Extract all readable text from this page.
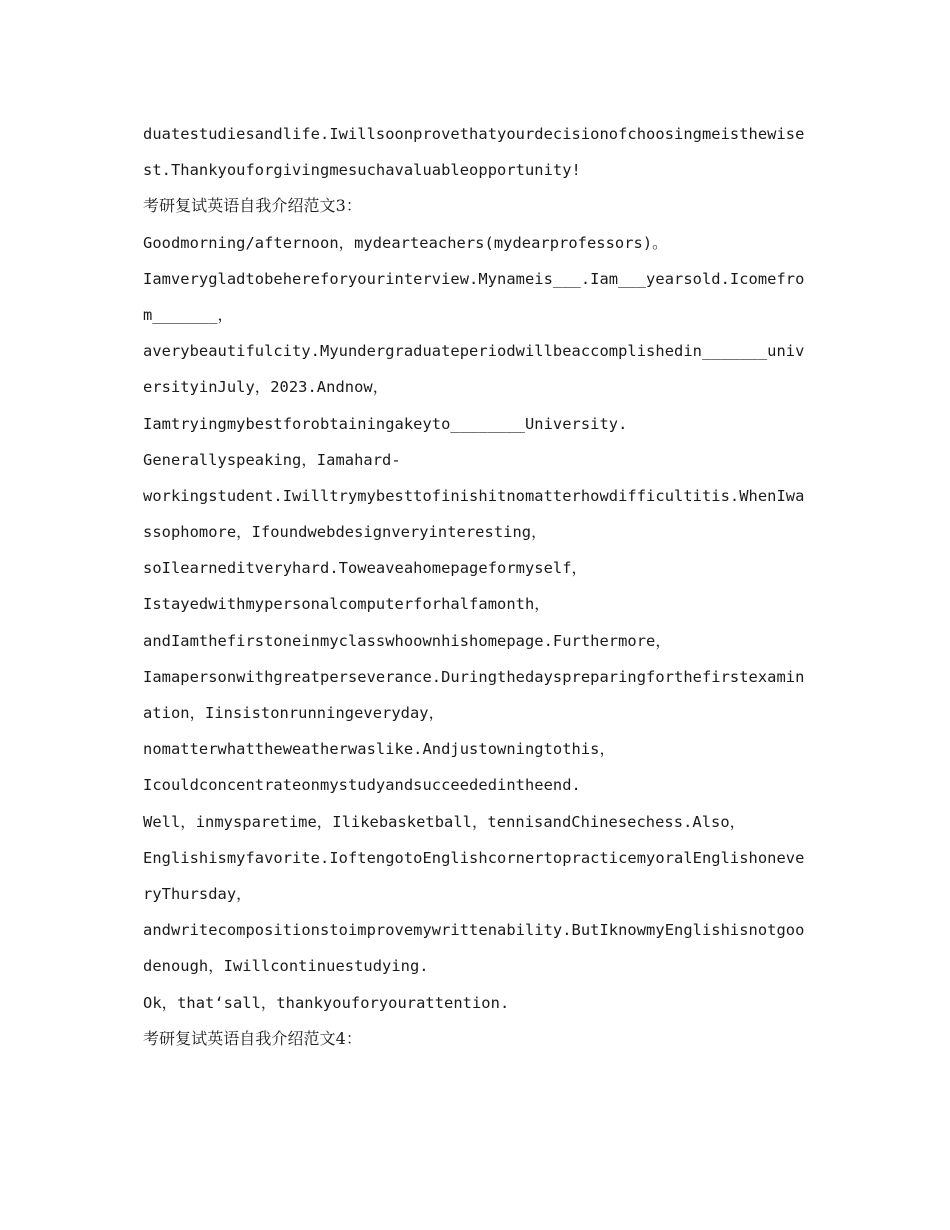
duatestudiesandlife.Iwillsoonprovethatyourdecisionofchoosingmeisthewise
st.Thankyouforgivingmesuchavaluableopportunity!
考研复试英语自我介绍范文3：
Goodmorning/afternoon，mydearteachers(mydearprofessors)。
Iamverygladtobehereforyourinterview.Mynameis___.Iam___yearsold.Icomefro
m_______，
averybeautifulcity.Myundergraduateperiodwillbeaccomplishedin_______univ
ersityinJuly，2023.Andnow，
Iamtryingmybestforobtainingakeyto________University.
Generallyspeaking，Iamahard-
workingstudent.Iwilltrymybesttofinishitnomatterhowdifficultitis.WhenIwa
ssophomore，Ifoundwebdesignveryinteresting，
soIlearneditveryhard.Toweaveahomepageformyself，
Istayedwithmypersonalcomputerforhalfamonth，
andIamthefirstoneinmyclasswhoownhishomepage.Furthermore，
Iamapersonwithgreatperseverance.Duringthedayspreparingforthefirstexamin
ation，Iinsistonrunningeveryday，
nomatterwhattheweatherwaslike.Andjustowningtothis，
Icouldconcentrateonmystudyandsucceededintheend.
Well，inmysparetime，Ilikebasketball，tennisandChinesechess.Also，
Englishismyfavorite.IoftengotoEnglishcornertopracticemyoralEnglishoneve
ryThursday，
andwritecompositionstoimprovemywrittenability.ButIknowmyEnglishisnotgoo
denough，Iwillcontinuestudying.
Ok，that‘sall，thankyouforyourattention.
考研复试英语自我介绍范文4：
